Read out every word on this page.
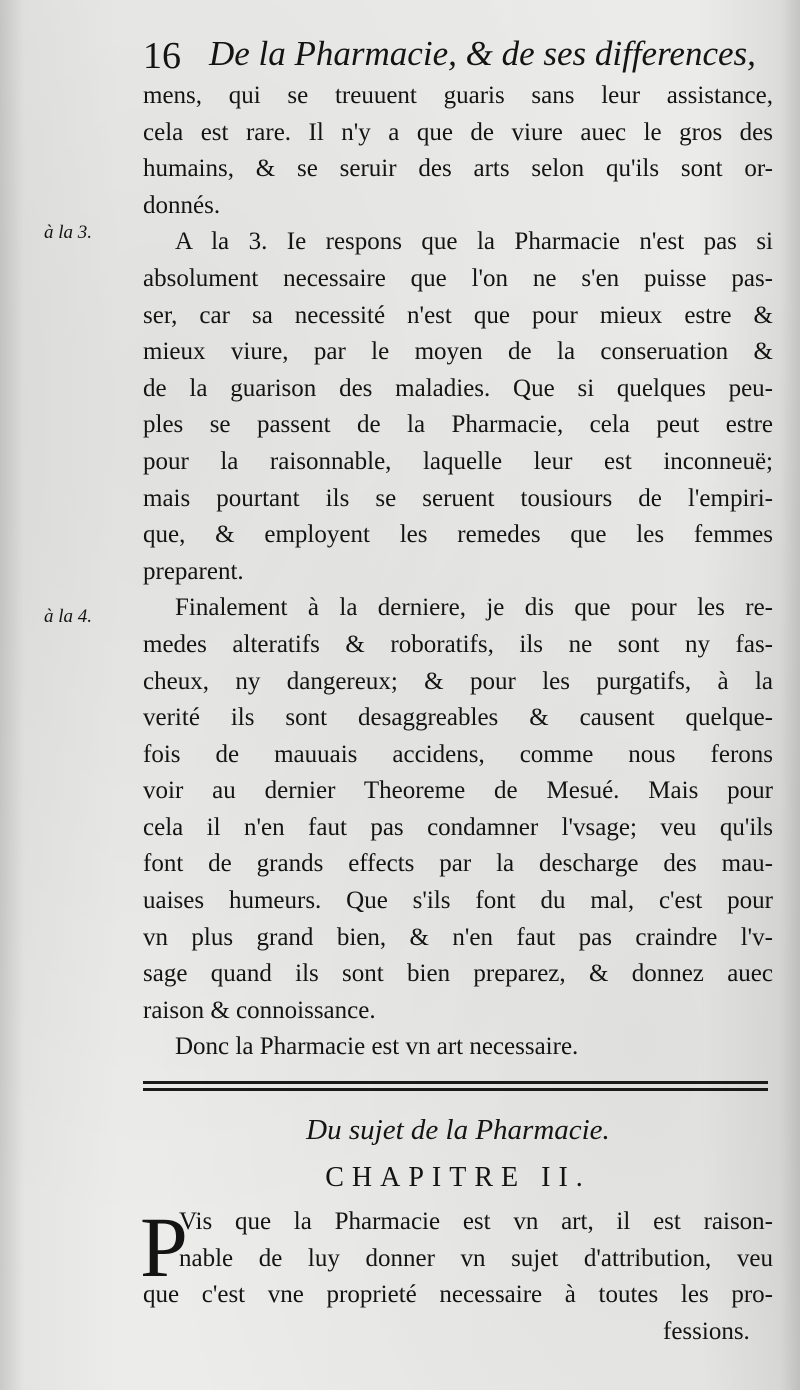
16 De la Pharmacie, & de ses differences,
à la 3.
à la 4.
mens, qui se treuuent guaris sans leur assistance,
cela est rare. Il n'y a que de viure auec le gros des
humains, & se seruir des arts selon qu'ils sont or-
donnés.
A la 3. Ie respons que la Pharmacie n'est pas si
absolument necessaire que l'on ne s'en puisse pas-
ser, car sa necessité n'est que pour mieux estre &
mieux viure, par le moyen de la conseruation &
de la guarison des maladies. Que si quelques peu-
ples se passent de la Pharmacie, cela peut estre
pour la raisonnable, laquelle leur est inconneuë;
mais pourtant ils se seruent tousiours de l'empiri-
que, & employent les remedes que les femmes
preparent.
Finalement à la derniere, je dis que pour les re-
medes alteratifs & roboratifs, ils ne sont ny fas-
cheux, ny dangereux; & pour les purgatifs, à la
verité ils sont desaggreables & causent quelque-
fois de mauuais accidens, comme nous ferons
voir au dernier Theoreme de Mesué. Mais pour
cela il n'en faut pas condamner l'vsage; veu qu'ils
font de grands effects par la descharge des mau-
uaises humeurs. Que s'ils font du mal, c'est pour
vn plus grand bien, & n'en faut pas craindre l'v-
sage quand ils sont bien preparez, & donnez auec
raison & connoissance.
Donc la Pharmacie est vn art necessaire.
Du sujet de la Pharmacie.
CHAPITRE II.
P
Vis que la Pharmacie est vn art, il est raison-
nable de luy donner vn sujet d'attribution, veu
que c'est vne proprieté necessaire à toutes les pro-
fessions.
